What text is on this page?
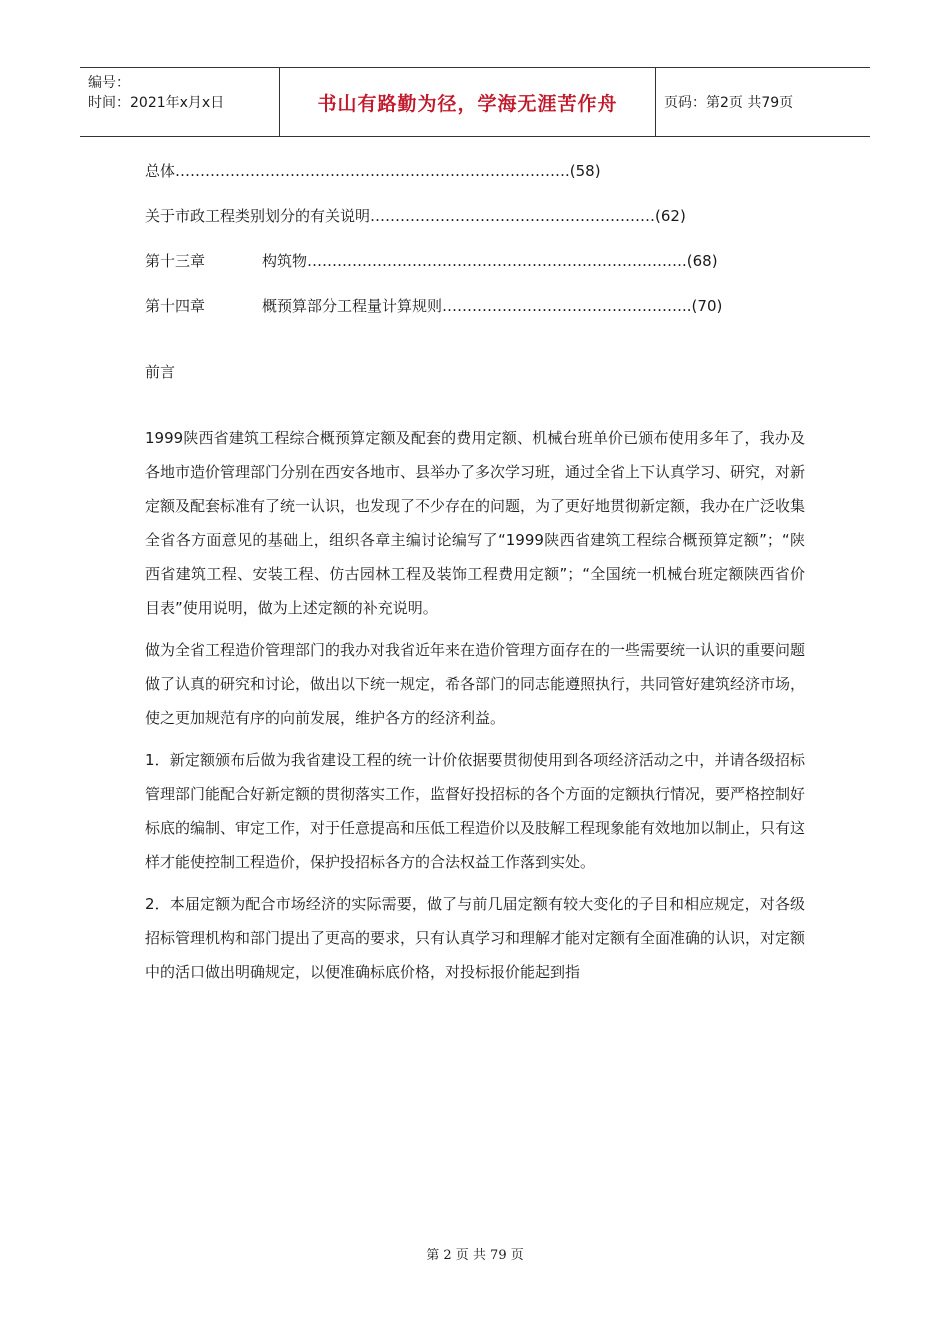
编号：
时间：2021年x月x日	书山有路勤为径，学海无涯苦作舟	页码：第2页 共79页
总体 …………………………………………………………………… .(58)
关于市政工程类别划分的有关说明 ………………………………………………… (62)
第十三章	构筑物 ………………………………………………………………… .(68)
第十四章	概预算部分工程量计算规则 ………………………………………… ..(70)

前言

1999陕西省建筑工程综合概预算定额及配套的费用定额、机械台班单价已颁布使用多年了，我办及各地市造价管理部门分别在西安各地市、县举办了多次学习班，通过全省上下认真学习、研究，对新定额及配套标准有了统一认识，也发现了不少存在的问题，为了更好地贯彻新定额，我办在广泛收集全省各方面意见的基础上，组织各章主编讨论编写了“1999陕西省建筑工程综合概预算定额”；“陕西省建筑工程、安装工程、仿古园林工程及装饰工程费用定额”；“全国统一机械台班定额陕西省价目表”使用说明，做为上述定额的补充说明。

做为全省工程造价管理部门的我办对我省近年来在造价管理方面存在的一些需要统一认识的重要问题做了认真的研究和讨论，做出以下统一规定，希各部门的同志能遵照执行，共同管好建筑经济市场，使之更加规范有序的向前发展，维护各方的经济利益。

1．新定额颁布后做为我省建设工程的统一计价依据要贯彻使用到各项经济活动之中，并请各级招标管理部门能配合好新定额的贯彻落实工作，监督好投招标的各个方面的定额执行情况，要严格控制好标底的编制、审定工作，对于任意提高和压低工程造价以及肢解工程现象能有效地加以制止，只有这样才能使控制工程造价，保护投招标各方的合法权益工作落到实处。

2．本届定额为配合市场经济的实际需要，做了与前几届定额有较大变化的子目和相应规定，对各级招标管理机构和部门提出了更高的要求，只有认真学习和理解才能对定额有全面准确的认识，对定额中的活口做出明确规定，以便准确标底价格，对投标报价能起到指

第 2 页 共 79 页
